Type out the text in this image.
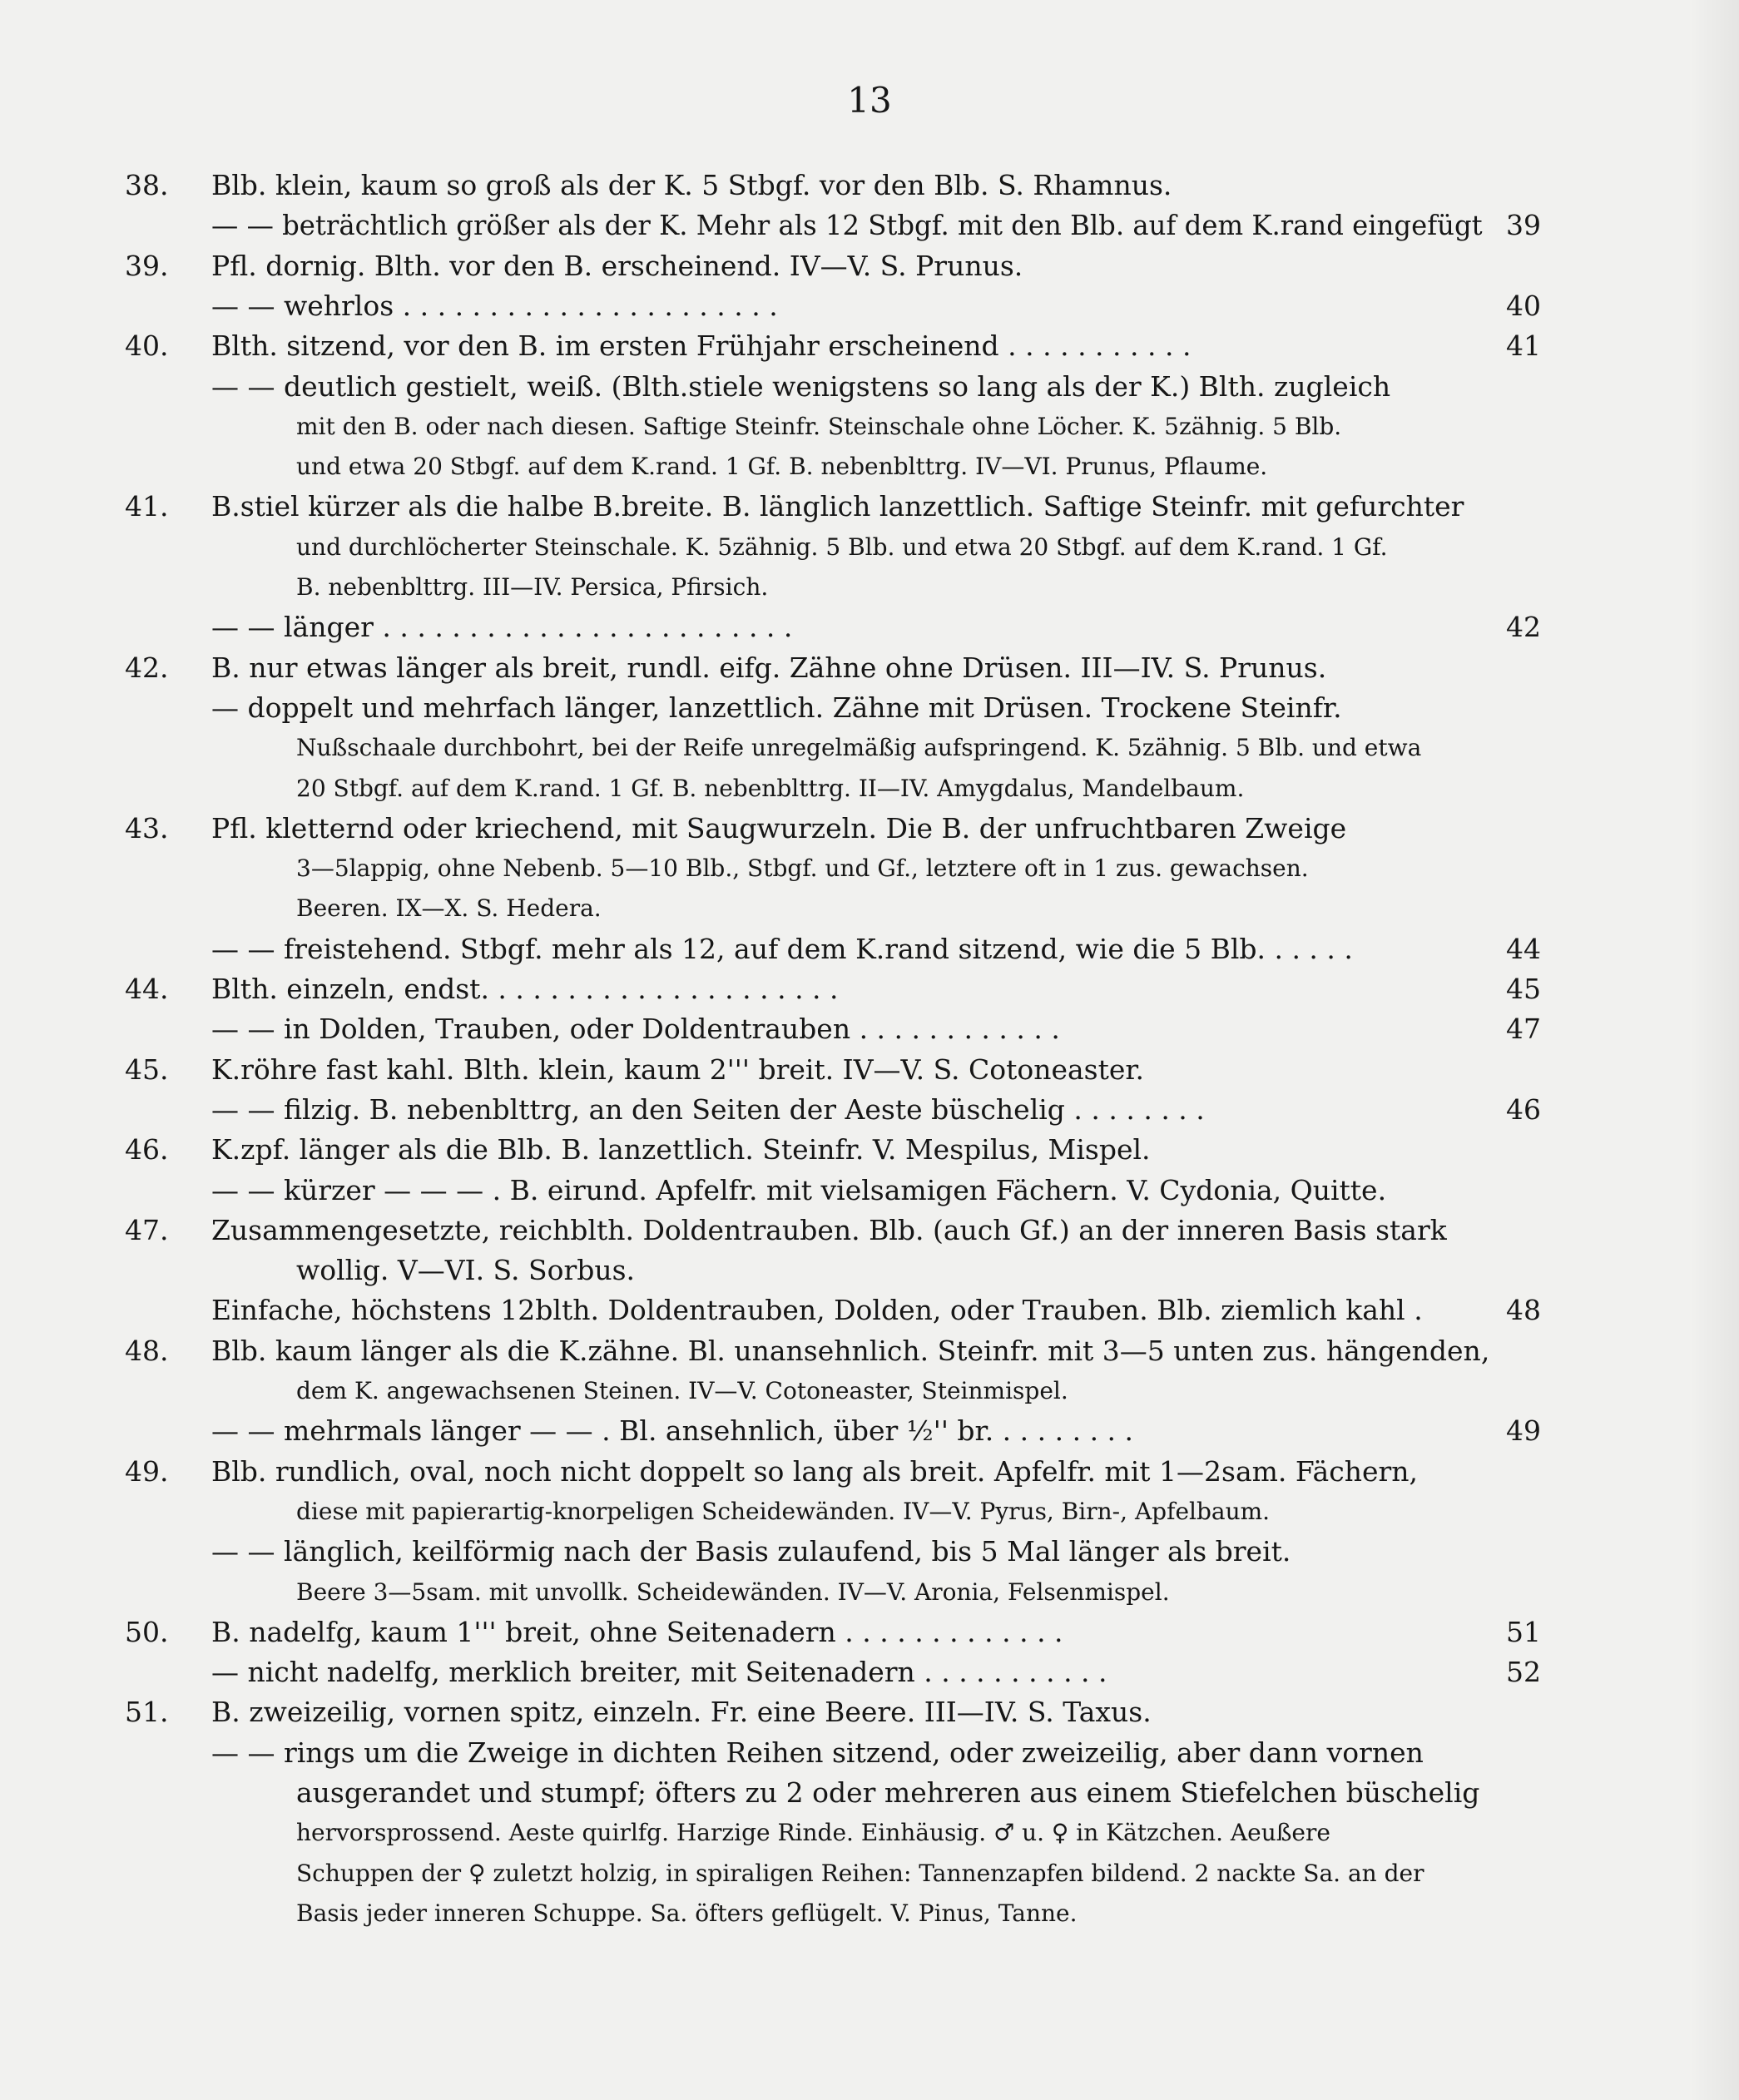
13
38.	Blb. klein, kaum so groß als der K. 5 Stbgf. vor den Blb. S. Rhamnus.
— — beträchtlich größer als der K. Mehr als 12 Stbgf. mit den Blb. auf dem K.rand eingefügt 39
39.	Pfl. dornig. Blth. vor den B. erscheinend. IV—V. S. Prunus.
— — wehrlos . . . . . . . . . . . . . . . . . . . . . .	40
40.	Blth. sitzend, vor den B. im ersten Frühjahr erscheinend . . . . . . . . . . .	41
— — deutlich gestielt, weiß. (Blth.stiele wenigstens so lang als der K.) Blth. zugleich
mit den B. oder nach diesen. Saftige Steinfr. Steinschale ohne Löcher. K. 5zähnig. 5 Blb.
und etwa 20 Stbgf. auf dem K.rand. 1 Gf. B. nebenblttrg. IV—VI. Prunus, Pflaume.
41.	B.stiel kürzer als die halbe B.breite. B. länglich lanzettlich. Saftige Steinfr. mit gefurchter
und durchlöcherter Steinschale. K. 5zähnig. 5 Blb. und etwa 20 Stbgf. auf dem K.rand. 1 Gf.
B. nebenblttrg. III—IV. Persica, Pfirsich.
— — länger . . . . . . . . . . . . . . . . . . . . . . . .	42
42.	B. nur etwas länger als breit, rundl. eifg. Zähne ohne Drüsen. III—IV. S. Prunus.
— doppelt und mehrfach länger, lanzettlich. Zähne mit Drüsen. Trockene Steinfr.
Nußschaale durchbohrt, bei der Reife unregelmäßig aufspringend. K. 5zähnig. 5 Blb. und etwa
20 Stbgf. auf dem K.rand. 1 Gf. B. nebenblttrg. II—IV. Amygdalus, Mandelbaum.
43.	Pfl. kletternd oder kriechend, mit Saugwurzeln. Die B. der unfruchtbaren Zweige
3—5lappig, ohne Nebenb. 5—10 Blb., Stbgf. und Gf., letztere oft in 1 zus. gewachsen.
Beeren. IX—X. S. Hedera.
— — freistehend. Stbgf. mehr als 12, auf dem K.rand sitzend, wie die 5 Blb. . . . . .	44
44.	Blth. einzeln, endst. . . . . . . . . . . . . . . . . . . . .	45
— — in Dolden, Trauben, oder Doldentrauben . . . . . . . . . . . .	47
45.	K.röhre fast kahl. Blth. klein, kaum 2''' breit. IV—V. S. Cotoneaster.
— — filzig. B. nebenblttrg, an den Seiten der Aeste büschelig . . . . . . . .	46
46.	K.zpf. länger als die Blb. B. lanzettlich. Steinfr. V. Mespilus, Mispel.
— — kürzer — — — . B. eirund. Apfelfr. mit vielsamigen Fächern. V. Cydonia, Quitte.
47.	Zusammengesetzte, reichblth. Doldentrauben. Blb. (auch Gf.) an der inneren Basis stark
wollig. V—VI. S. Sorbus.
Einfache, höchstens 12blth. Doldentrauben, Dolden, oder Trauben. Blb. ziemlich kahl .	48
48.	Blb. kaum länger als die K.zähne. Bl. unansehnlich. Steinfr. mit 3—5 unten zus. hängenden,
dem K. angewachsenen Steinen. IV—V. Cotoneaster, Steinmispel.
— — mehrmals länger — — . Bl. ansehnlich, über ½'' br. . . . . . . . .	49
49.	Blb. rundlich, oval, noch nicht doppelt so lang als breit. Apfelfr. mit 1—2sam. Fächern,
diese mit papierartig-knorpeligen Scheidewänden. IV—V. Pyrus, Birn-, Apfelbaum.
— — länglich, keilförmig nach der Basis zulaufend, bis 5 Mal länger als breit.
Beere 3—5sam. mit unvollk. Scheidewänden. IV—V. Aronia, Felsenmispel.
50.	B. nadelfg, kaum 1''' breit, ohne Seitenadern . . . . . . . . . . . . .	51
— nicht nadelfg, merklich breiter, mit Seitenadern . . . . . . . . . . .	52
51.	B. zweizeilig, vornen spitz, einzeln. Fr. eine Beere. III—IV. S. Taxus.
— — rings um die Zweige in dichten Reihen sitzend, oder zweizeilig, aber dann vornen
ausgerandet und stumpf; öfters zu 2 oder mehreren aus einem Stiefelchen büschelig
hervorsprossend. Aeste quirlfg. Harzige Rinde. Einhäusig. ♂ u. ♀ in Kätzchen. Aeußere
Schuppen der ♀ zuletzt holzig, in spiraligen Reihen: Tannenzapfen bildend. 2 nackte Sa. an der
Basis jeder inneren Schuppe. Sa. öfters geflügelt. V. Pinus, Tanne.
